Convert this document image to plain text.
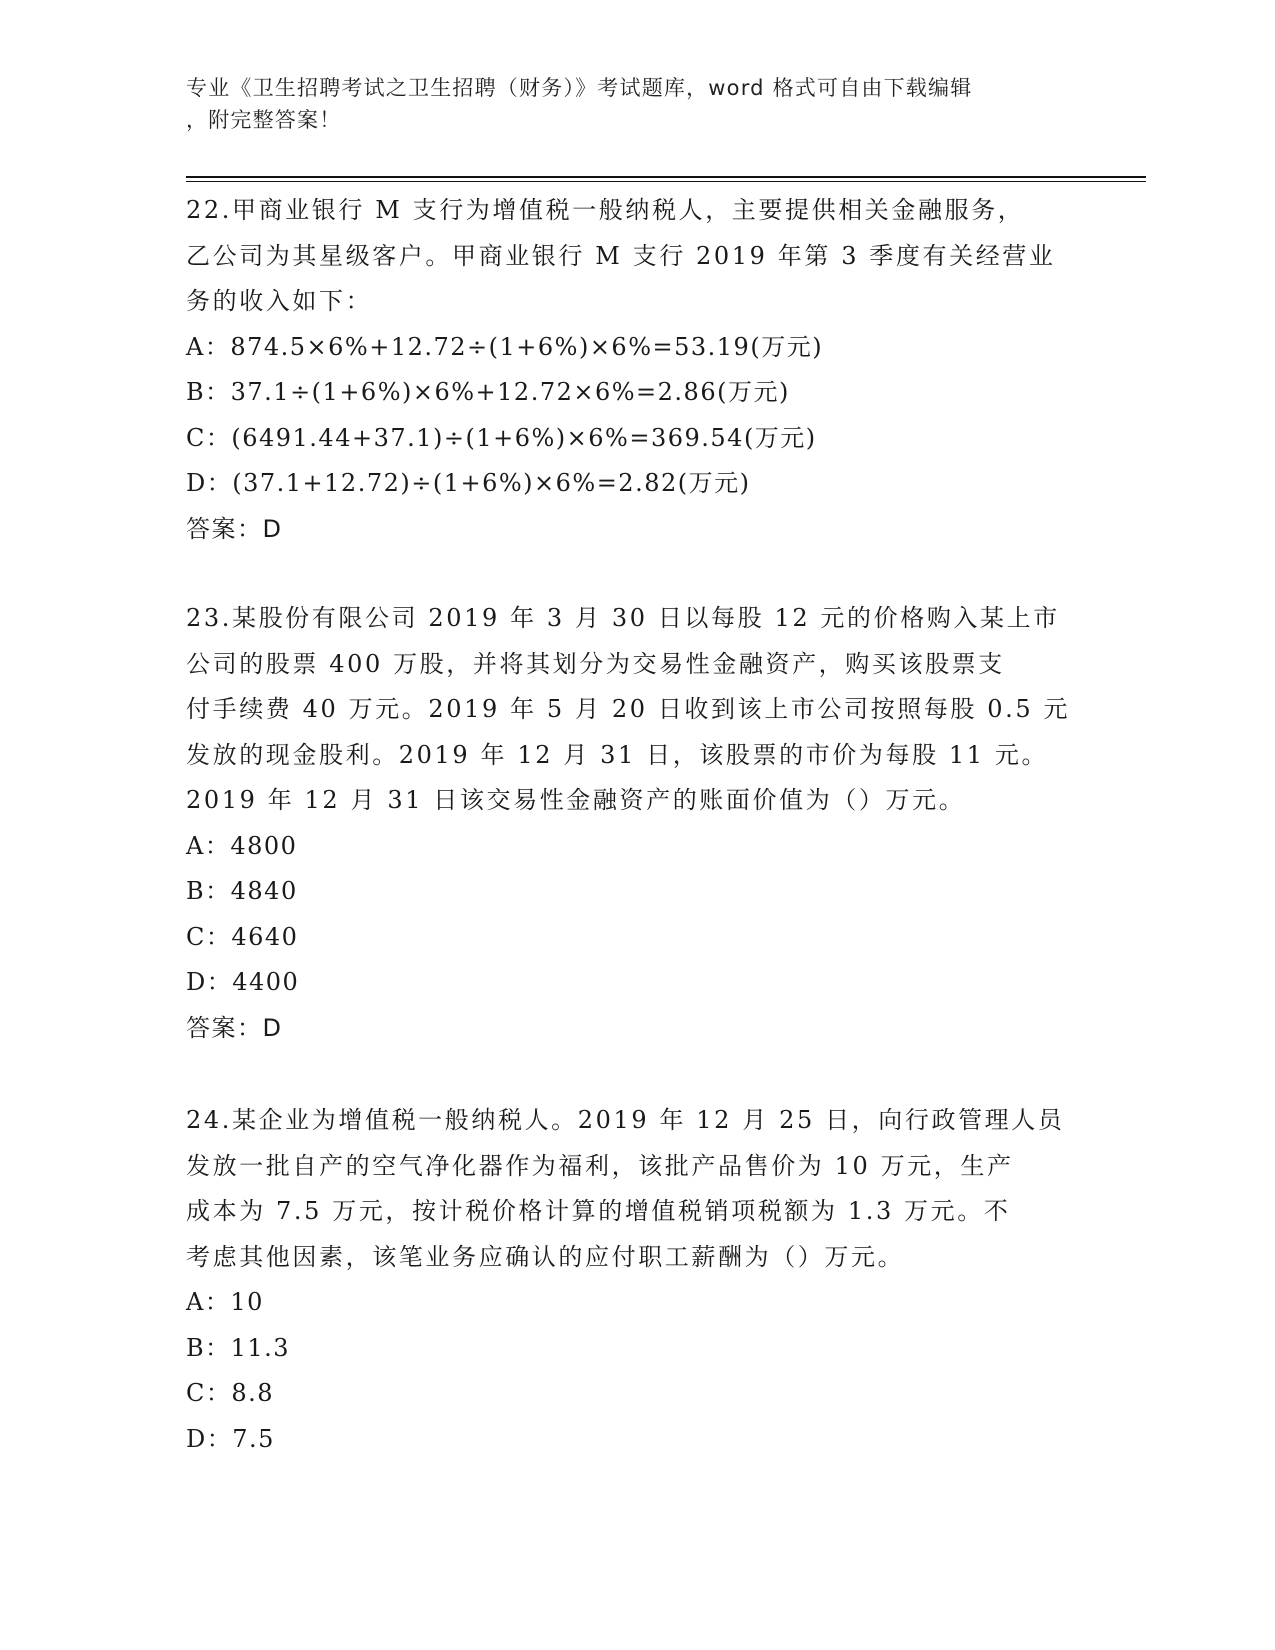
专业《卫生招聘考试之卫生招聘（财务）》考试题库，word 格式可自由下载编辑
，附完整答案！

22.甲商业银行 M 支行为增值税一般纳税人，主要提供相关金融服务，

乙公司为其星级客户。甲商业银行 M 支行 2019 年第 3 季度有关经营业

务的收入如下：

A：874.5×6%+12.72÷(1+6%)×6%=53.19(万元)

B：37.1÷(1+6%)×6%+12.72×6%=2.86(万元)

C：(6491.44+37.1)÷(1+6%)×6%=369.54(万元)

D：(37.1+12.72)÷(1+6%)×6%=2.82(万元)

答案：D

23.某股份有限公司 2019 年 3 月 30 日以每股 12 元的价格购入某上市

公司的股票 400 万股，并将其划分为交易性金融资产，购买该股票支

付手续费 40 万元。2019 年 5 月 20 日收到该上市公司按照每股 0.5 元

发放的现金股利。2019 年 12 月 31 日，该股票的市价为每股 11 元。

2019 年 12 月 31 日该交易性金融资产的账面价值为（）万元。

A：4800

B：4840

C：4640

D：4400

答案：D

24.某企业为增值税一般纳税人。2019 年 12 月 25 日，向行政管理人员

发放一批自产的空气净化器作为福利，该批产品售价为 10 万元，生产

成本为 7.5 万元，按计税价格计算的增值税销项税额为 1.3 万元。不

考虑其他因素，该笔业务应确认的应付职工薪酬为（）万元。

A：10

B：11.3

C：8.8

D：7.5
